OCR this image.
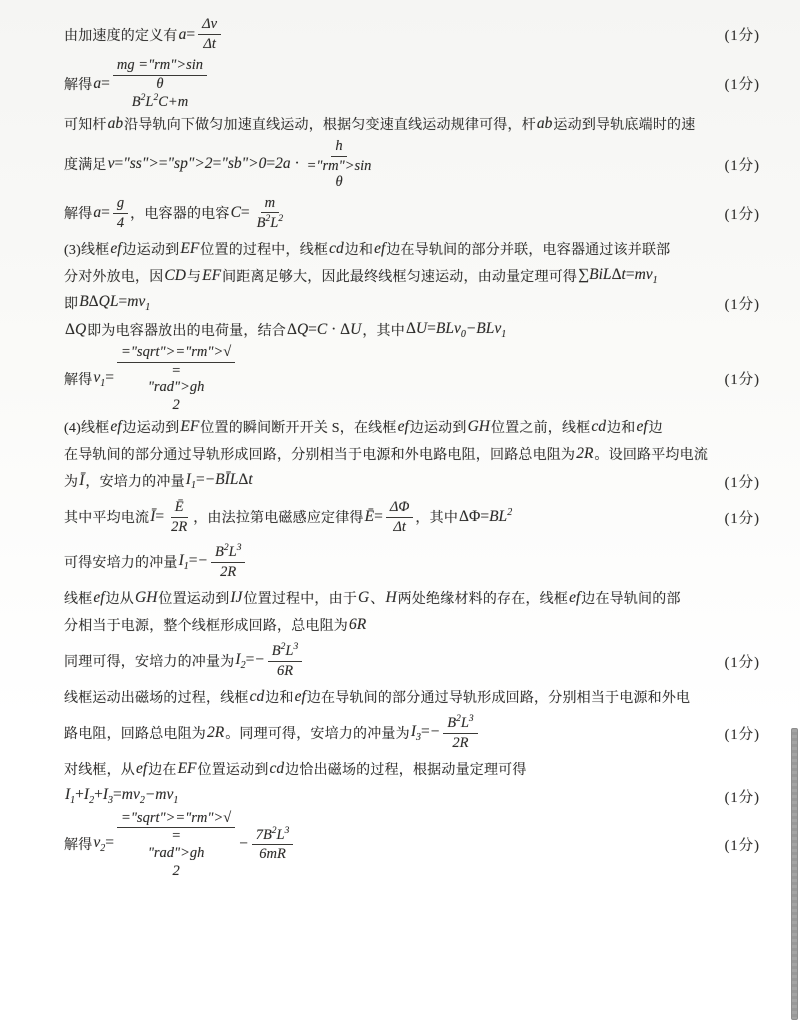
由加速度的定义有 $a= \frac{\Delta v}{\Delta t}$	(1分)
解得 a=
mg ="rm">sin
θ
$B^2L^2C+m$
(1分)
可知杆 ab 沿导轨向下做匀加速直线运动，根据匀变速直线运动规律可得，杆 ab 运动到导轨底端时的速
度满足 v="ss">="sp">2="sb">0=2a ·
h
="rm">sin
θ
(1分)
解得 $a= \frac{g}{4}$ ，电容器的电容 $C= \frac{m}{B^2L^2}$	(1分)
(3)线框 ef 边运动到 EF 位置的过程中，线框 cd 边和 ef 边在导轨间的部分并联，电容器通过该并联部
分对外放电，因 CD 与 EF 间距离足够大，因此最终线框匀速运动，由动量定理可得 $\sum BiL\Delta t=mv_1$
即 $B\Delta QL=mv_1$	(1分)
ΔQ 即为电容器放出的电荷量，结合 ΔQ=C · ΔU ，其中 ΔU=BLv$_0$−BLv$_1$
解得 $v_1=$
="sqrt">="rm">√
=
"rad">gh
2
(1分)
(4)线框 ef 边运动到 EF 位置的瞬间断开开关 S，在线框 ef 边运动到 GH 位置之前，线框 cd 边和 ef 边
在导轨间的部分通过导轨形成回路，分别相当于电源和外电路电阻，回路总电阻为 2R 。设回路平均电流
为 Ī ，安培力的冲量 $I_1=-BĪL\Delta t$	(1分)
其中平均电流 Ī= $\frac{Ē}{2R}$ ，由法拉第电磁感应定律得 Ē= $\frac{\Delta\Phi}{\Delta t}$ ，其中 $\Delta\Phi=BL^2$	(1分)
可得安培力的冲量 $I_1=- \frac{B^2L^3}{2R}$
线框 ef 边从 GH 位置运动到 IJ 位置过程中，由于 G 、 H 两处绝缘材料的存在，线框 ef 边在导轨间的部
分相当于电源，整个线框形成回路，总电阻为 6R
同理可得，安培力的冲量为 $I_2=- \frac{B^2L^3}{6R}$	(1分)
线框运动出磁场的过程，线框 cd 边和 ef 边在导轨间的部分通过导轨形成回路，分别相当于电源和外电
路电阻，回路总电阻为 2R 。同理可得，安培力的冲量为 $I_3=- \frac{B^2L^3}{2R}$	(1分)
对线框，从 ef 边在 EF 位置运动到 cd 边恰出磁场的过程，根据动量定理可得
$I_1+I_2+I_3=mv_2-mv_1$	(1分)
解得 $v_2=$
="sqrt">="rm">√
=
"rad">gh
2
− $\frac{7B^2L^3}{6mR}$	(1分)
